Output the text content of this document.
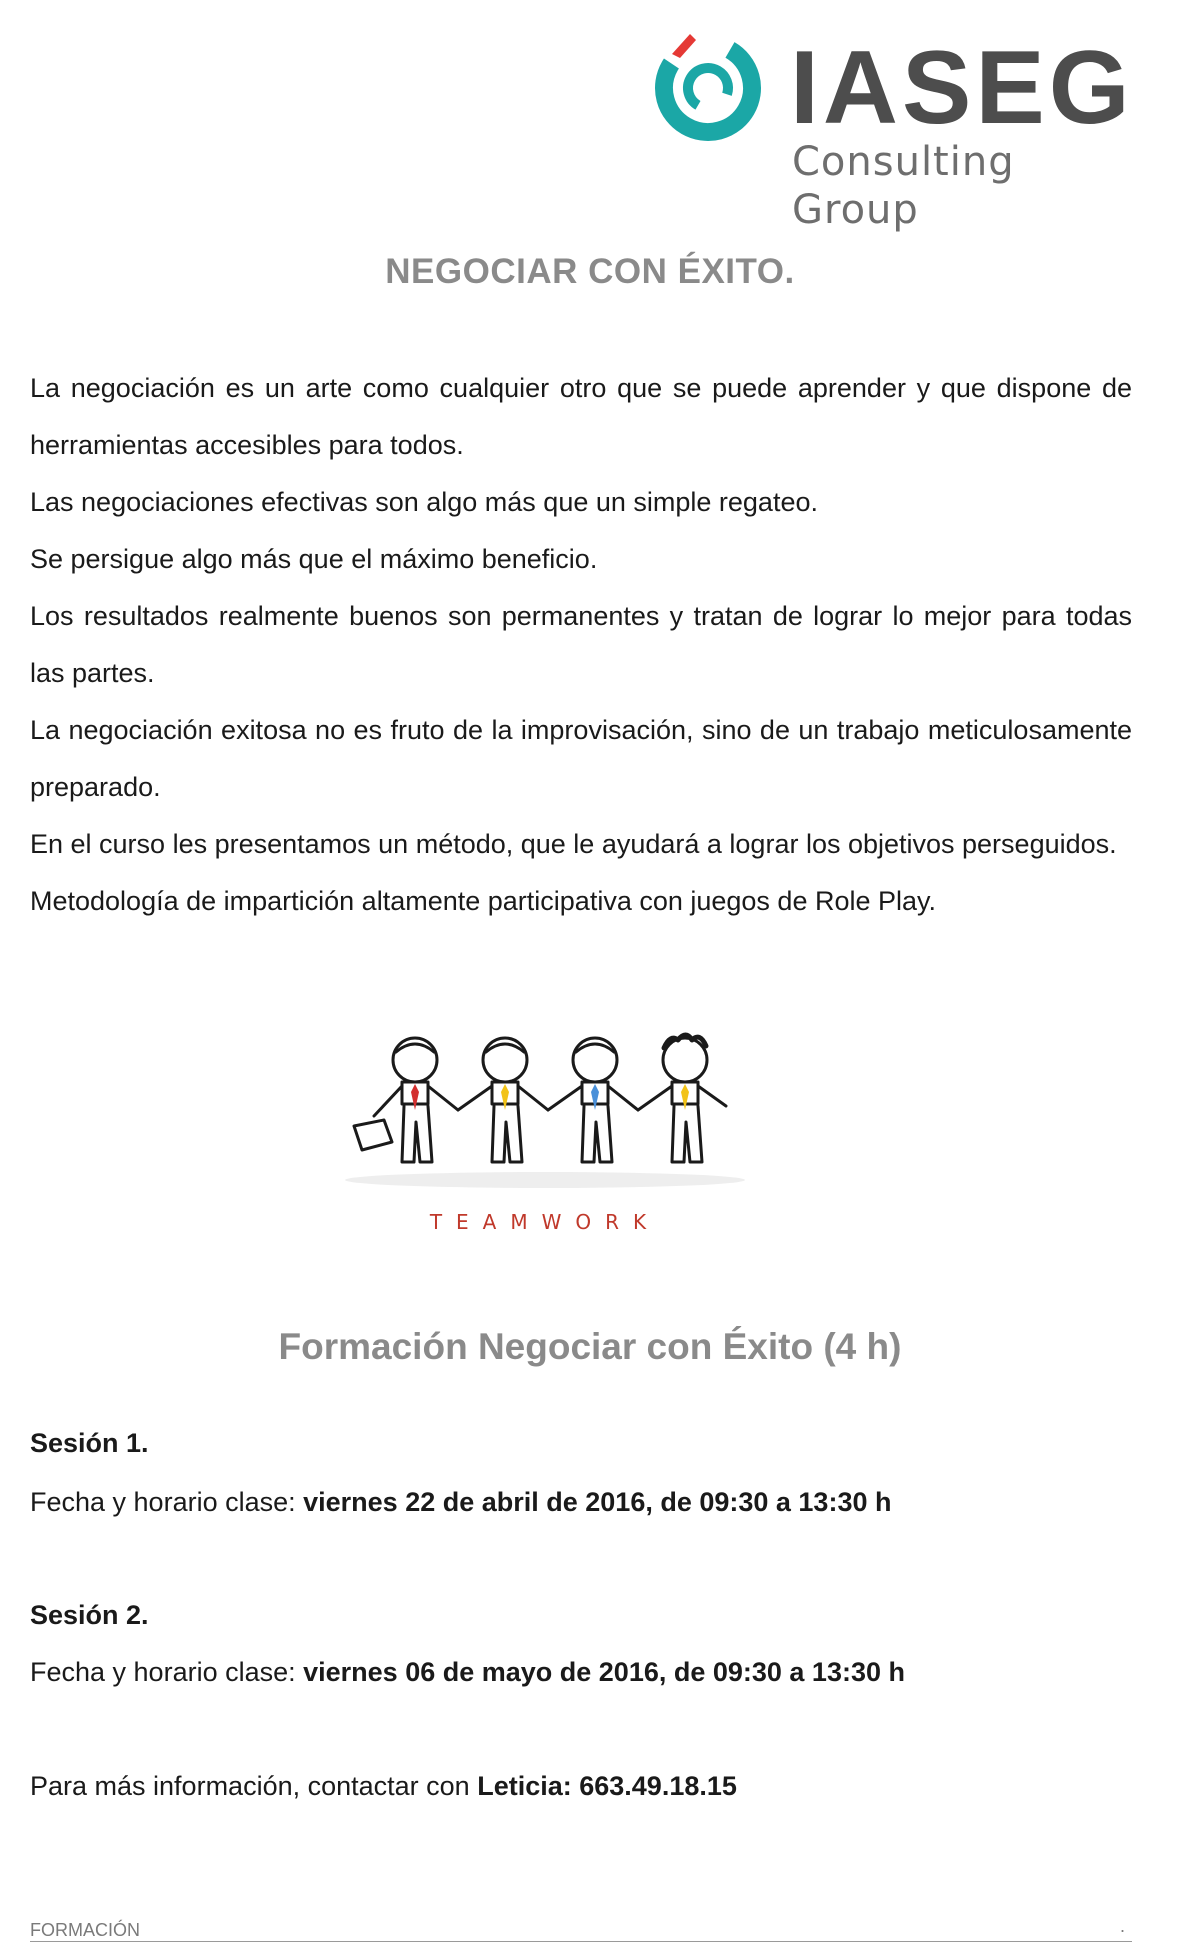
IASEG
Consulting Group
NEGOCIAR CON ÉXITO.

La negociación es un arte como cualquier otro que se puede aprender y que dispone de herramientas accesibles para todos.

Las negociaciones efectivas son algo más que un simple regateo.

Se persigue algo más que el máximo beneficio.

Los resultados realmente buenos son permanentes y tratan de lograr lo mejor para todas las partes.

La negociación exitosa no es fruto de la improvisación, sino de un trabajo meticulosamente preparado.

En el curso les presentamos un método, que le ayudará a lograr los objetivos perseguidos.

Metodología de impartición altamente participativa con juegos de Role Play.

TEAMWORK
Formación Negociar con Éxito (4 h)
Sesión 1.
Fecha y horario clase: viernes 22 de abril de 2016, de 09:30 a 13:30 h
Sesión 2.
Fecha y horario clase: viernes 06 de mayo de 2016, de 09:30 a 13:30 h
Para más información, contactar con Leticia: 663.49.18.15
FORMACIÓN	.
